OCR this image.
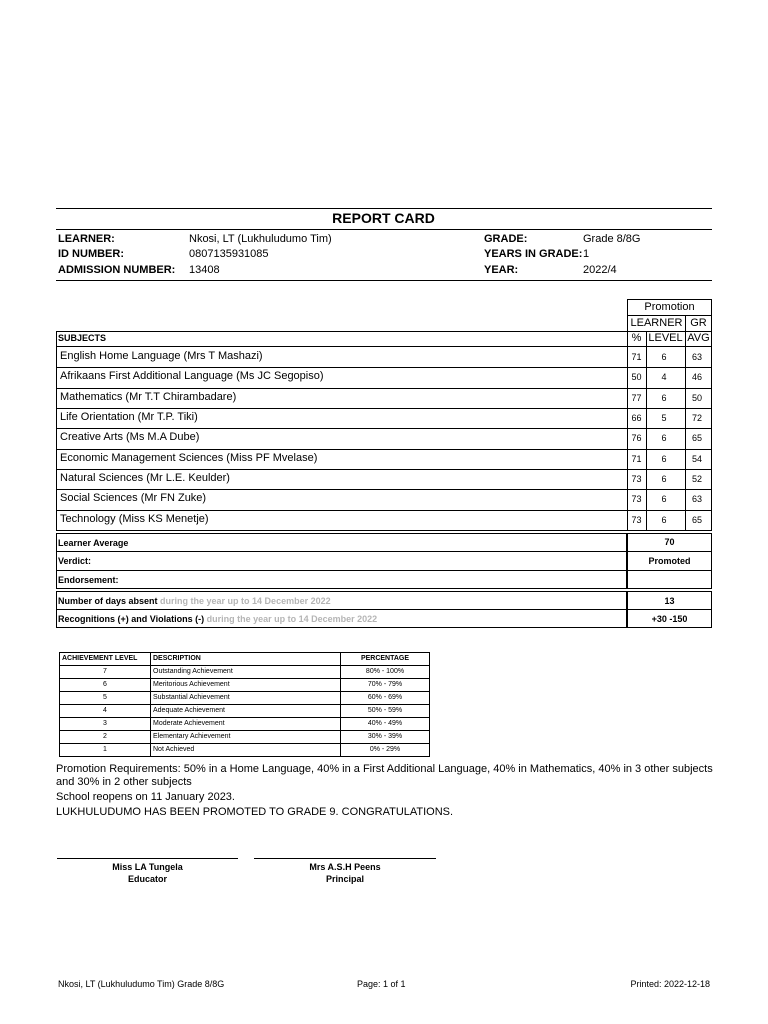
REPORT CARD
LEARNER:	Nkosi, LT (Lukhuludumo Tim)	GRADE:	Grade 8/8G
ID NUMBER:	0807135931085	YEARS IN GRADE: 1
ADMISSION NUMBER: 13408	YEAR:	2022/4
Promotion
LEARNER GR
SUBJECTS	% LEVEL AVG
English Home Language (Mrs T Mashazi)	71	6	63
Afrikaans First Additional Language (Ms JC Segopiso)	50	4	46
Mathematics (Mr T.T Chirambadare)	77	6	50
Life Orientation (Mr T.P. Tiki)	66	5	72
Creative Arts (Ms M.A Dube)	76	6	65
Economic Management Sciences (Miss PF Mvelase)	71	6	54
Natural Sciences (Mr L.E. Keulder)	73	6	52
Social Sciences (Mr FN Zuke)	73	6	63
Technology (Miss KS Menetje)	73	6	65
Learner Average	70
Verdict:	Promoted
Endorsement:
Number of days absent during the year up to 14 December 2022	13
Recognitions (+) and Violations (-) during the year up to 14 December 2022	+30 -150
ACHIEVEMENT LEVEL	DESCRIPTION	PERCENTAGE
7	Outstanding Achievement	80% - 100%
6	Meritorious Achievement	70% - 79%
5	Substantial Achievement	60% - 69%
4	Adequate Achievement	50% - 59%
3	Moderate Achievement	40% - 49%
2	Elementary Achievement	30% - 39%
1	Not Achieved	0% - 29%

Promotion Requirements: 50% in a Home Language, 40% in a First Additional Language, 40% in Mathematics, 40% in 3 other subjects and 30% in 2 other subjects

School reopens on 11 January 2023.

LUKHULUDUMO HAS BEEN PROMOTED TO GRADE 9. CONGRATULATIONS.

Miss LA Tungela
Educator
Mrs A.S.H Peens
Principal
Nkosi, LT (Lukhuludumo Tim) Grade 8/8G	Page: 1 of 1	Printed: 2022-12-18
